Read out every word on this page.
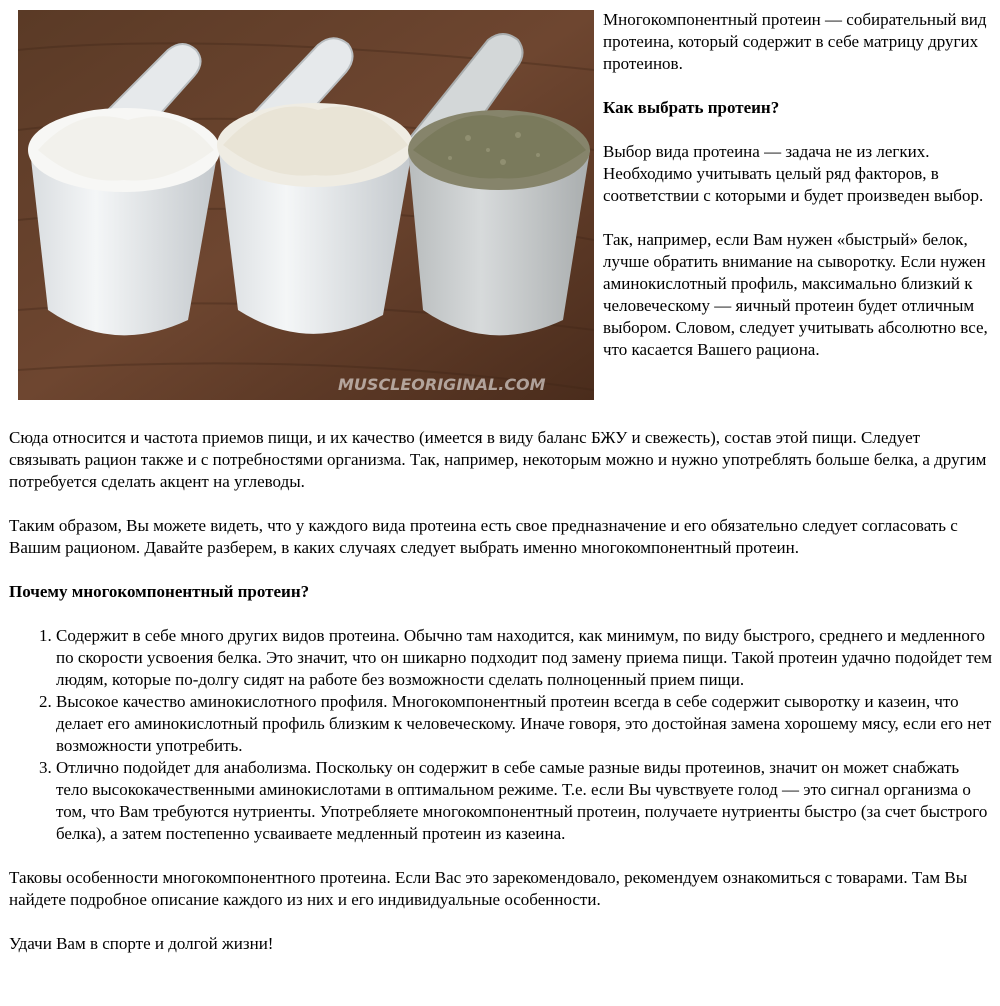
MUSCLEORIGINAL.COM

Многокомпонентный протеин — собирательный вид протеина, который содержит в себе матрицу других протеинов.

Как выбрать протеин?

Выбор вида протеина — задача не из легких. Необходимо учитывать целый ряд факторов, в соответствии с которыми и будет произведен выбор.

Так, например, если Вам нужен «быстрый» белок, лучше обратить внимание на сыворотку. Если нужен аминокислотный профиль, максимально близкий к человеческому — яичный протеин будет отличным выбором. Словом, следует учитывать абсолютно все, что касается Вашего рациона.

Сюда относится и частота приемов пищи, и их качество (имеется в виду баланс БЖУ и свежесть), состав этой пищи. Следует связывать рацион также и с потребностями организма. Так, например, некоторым можно и нужно употреблять больше белка, а другим потребуется сделать акцент на углеводы.

Таким образом, Вы можете видеть, что у каждого вида протеина есть свое предназначение и его обязательно следует согласовать с Вашим рационом. Давайте разберем, в каких случаях следует выбрать именно многокомпонентный протеин.

Почему многокомпонентный протеин?
1. Содержит в себе много других видов протеина. Обычно там находится, как минимум, по виду быстрого, среднего и медленного по скорости усвоения белка. Это значит, что он шикарно подходит под замену приема пищи. Такой протеин удачно подойдет тем людям, которые по-долгу сидят на работе без возможности сделать полноценный прием пищи.
2. Высокое качество аминокислотного профиля. Многокомпонентный протеин всегда в себе содержит сыворотку и казеин, что делает его аминокислотный профиль близким к человеческому. Иначе говоря, это достойная замена хорошему мясу, если его нет возможности употребить.
3. Отлично подойдет для анаболизма. Поскольку он содержит в себе самые разные виды протеинов, значит он может снабжать тело высококачественными аминокислотами в оптимальном режиме. Т.е. если Вы чувствуете голод — это сигнал организма о том, что Вам требуются нутриенты. Употребляете многокомпонентный протеин, получаете нутриенты быстро (за счет быстрого белка), а затем постепенно усваиваете медленный протеин из казеина.

Таковы особенности многокомпонентного протеина. Если Вас это зарекомендовало, рекомендуем ознакомиться с товарами. Там Вы найдете подробное описание каждого из них и его индивидуальные особенности.

Удачи Вам в спорте и долгой жизни!
